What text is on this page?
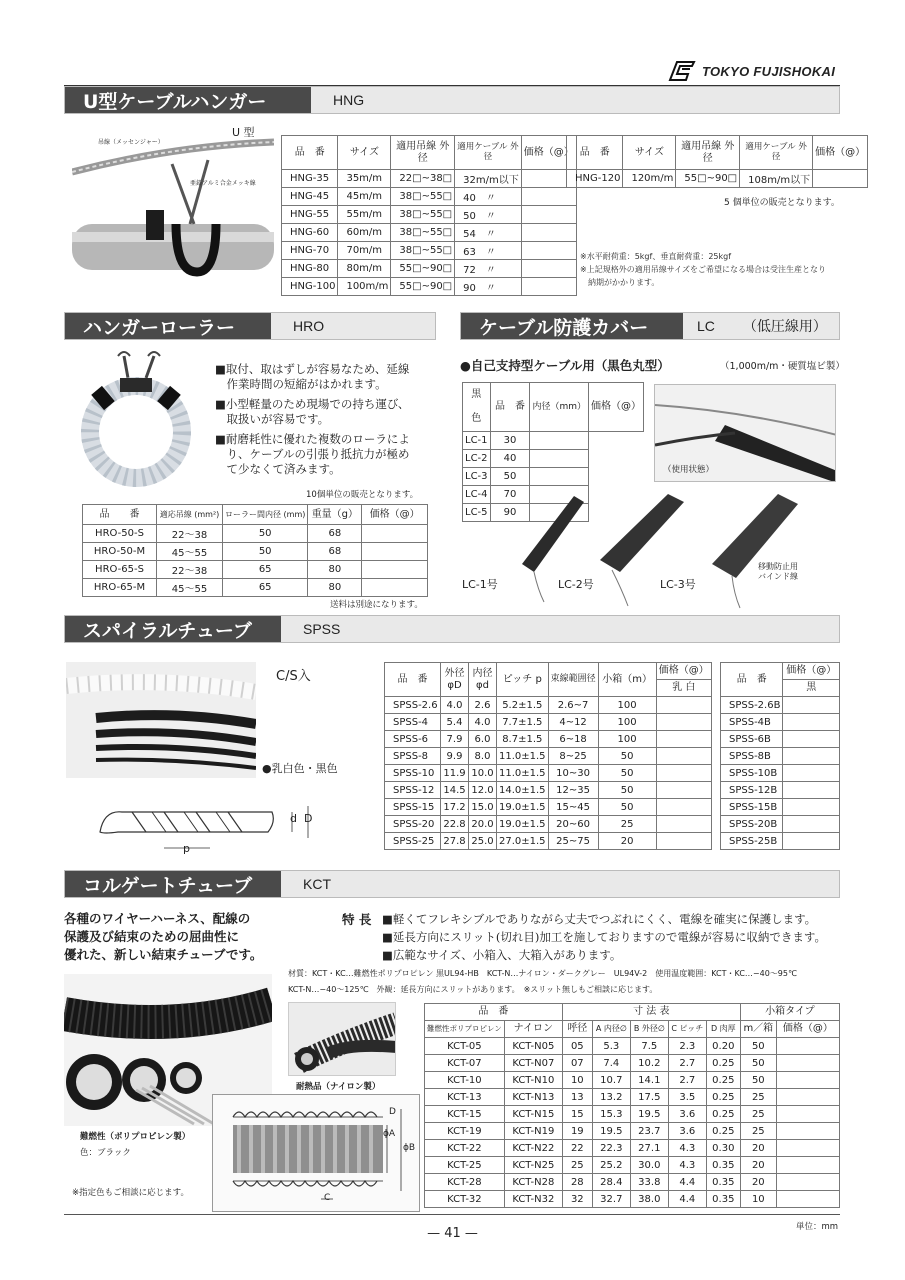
TOKYO FUJISHOKAI
U型ケーブルハンガー	HNG
U 型
吊線（メッセンジャー）
亜鉛アルミ合金メッキ線
品　番	サイズ	適用吊線 外 径	適用ケーブル 外 径	価格（@）
HNG-35	35m/m	22□~38□	32m/m以下	
HNG-45	45m/m	38□~55□	40　〃	
HNG-55	55m/m	38□~55□	50　〃	
HNG-60	60m/m	38□~55□	54　〃	
HNG-70	70m/m	38□~55□	63　〃	
HNG-80	80m/m	55□~90□	72　〃	
HNG-100	100m/m	55□~90□	90　〃	
品　番	サイズ	適用吊線 外 径	適用ケーブル 外 径	価格（@）
HNG-120	120m/m	55□~90□	108m/m以下	
5 個単位の販売となります。
※水平耐荷重：5kgf、垂直耐荷重：25kgf
※上記規格外の適用吊線サイズをご希望になる場合は受注生産となり
　納期がかかります。
ハンガーローラー	HRO

■取付、取はずしが容易なため、延線

　作業時間の短縮がはかれます。

■小型軽量のため現場での持ち運び、

　取扱いが容易です。

■耐磨耗性に優れた複数のローラによ

　り、ケーブルの引張り抵抗力が極め

　て少なくて済みます。

10個単位の販売となります。
品　　番	適応吊線 (mm²)	ローラー間内径 (mm)	重量（g）	価格（@）
HRO-50-S	22～38	50	68	
HRO-50-M	45～55	50	68	
HRO-65-S	22～38	65	80	
HRO-65-M	45～55	65	80	
送料は別途になります。
ケーブル防護カバー	LC	（低圧線用）
●自己支持型ケーブル用（黒色丸型）	（1,000m/m・硬質塩ビ製）
黒
色	品　番	内径（mm）	価格（@）
LC-1	30		
LC-2	40		
LC-3	50		
LC-4	70		
LC-5	90		
（使用状態）
LC-1号	LC-2号	LC-3号
移動防止用
バインド線
スパイラルチューブ	SPSS
C/S入
●乳白色・黒色
d D
p
品　番	外径 φD	内径 φd	ピッチ p	束線範囲径	小箱（m）	価格（@）
						乳 白
SPSS-2.6	4.0	2.6	5.2±1.5	2.6~7	100	
SPSS-4	5.4	4.0	7.7±1.5	4~12	100	
SPSS-6	7.9	6.0	8.7±1.5	6~18	100	
SPSS-8	9.9	8.0	11.0±1.5	8~25	50	
SPSS-10	11.9	10.0	11.0±1.5	10~30	50	
SPSS-12	14.5	12.0	14.0±1.5	12~35	50	
SPSS-15	17.2	15.0	19.0±1.5	15~45	50	
SPSS-20	22.8	20.0	19.0±1.5	20~60	25	
SPSS-25	27.8	25.0	27.0±1.5	25~75	20	
品　番	価格（@）
	黒
SPSS-2.6B	
SPSS-4B	
SPSS-6B	
SPSS-8B	
SPSS-10B	
SPSS-12B	
SPSS-15B	
SPSS-20B	
SPSS-25B	
コルゲートチューブ	KCT
各種のワイヤーハーネス、配線の
保護及び結束のための屈曲性に
優れた、新しい結束チューブです。
特 長 ■軽くてフレキシブルでありながら丈夫でつぶれにくく、電線を確実に保護します。

■延長方向にスリット(切れ目)加工を施しておりますので電線が容易に収納できます。

■広範なサイズ、小箱入、大箱入があります。

材質：KCT・KC…難燃性ポリプロピレン 黒UL94-HB　KCT-N…ナイロン・ダークグレー　UL94V-2　使用温度範囲：KCT・KC…−40～95℃
KCT-N…−40～125℃　外観：延長方向にスリットがあります。　※スリット無しもご相談に応じます。
難燃性（ポリプロピレン製）
色：ブラック
※指定色もご相談に応じます。
耐熱品（ナイロン製）
ϕA
ϕB
C
D
品　番		寸 法 表					小箱タイプ	
難燃性ポリプロピレン	ナイロン	呼径	A 内径∅	B 外径∅	C ピッチ	D 肉厚	m／箱	価格（@）
KCT-05	KCT-N05	05	5.3	7.5	2.3	0.20	50	
KCT-07	KCT-N07	07	7.4	10.2	2.7	0.25	50	
KCT-10	KCT-N10	10	10.7	14.1	2.7	0.25	50	
KCT-13	KCT-N13	13	13.2	17.5	3.5	0.25	25	
KCT-15	KCT-N15	15	15.3	19.5	3.6	0.25	25	
KCT-19	KCT-N19	19	19.5	23.7	3.6	0.25	25	
KCT-22	KCT-N22	22	22.3	27.1	4.3	0.30	20	
KCT-25	KCT-N25	25	25.2	30.0	4.3	0.35	20	
KCT-28	KCT-N28	28	28.4	33.8	4.4	0.35	20	
KCT-32	KCT-N32	32	32.7	38.0	4.4	0.35	10	
— 41 —	単位：mm
